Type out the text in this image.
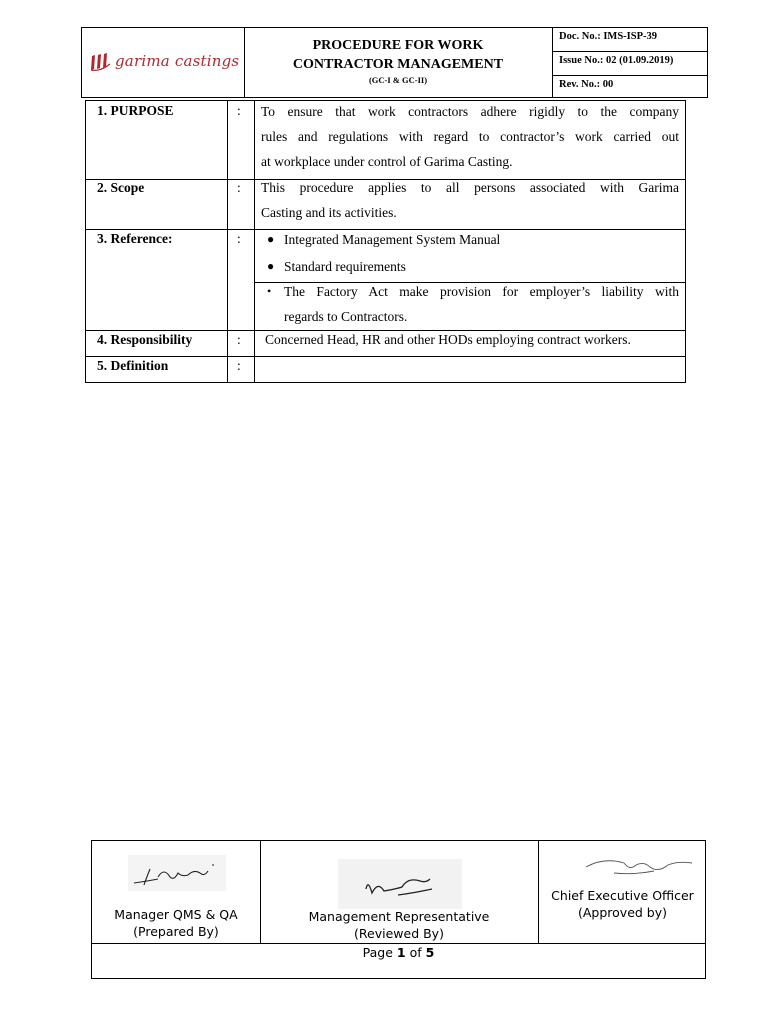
garima castings
PROCEDURE FOR WORK
CONTRACTOR MANAGEMENT
(GC-I & GC-II)
Doc. No.: IMS-ISP-39
Issue No.: 02 (01.09.2019)
Rev. No.: 00
1. PURPOSE	: To ensure that work contractors adhere rigidly to the company
rules and regulations with regard to contractor’s work carried out
at workplace under control of Garima Casting.
2. Scope	: This procedure applies to all persons associated with Garima
Casting and its activities.
3. Reference:	: ● Integrated Management System Manual
● Standard requirements
• The Factory Act make provision for employer’s liability with
regards to Contractors.
4. Responsibility	: Concerned Head, HR and other HODs employing contract workers.
5. Definition	:
Manager QMS & QA
(Prepared By)
Management Representative
(Reviewed By)
Chief Executive Officer
(Approved by)
Page 1 of 5
